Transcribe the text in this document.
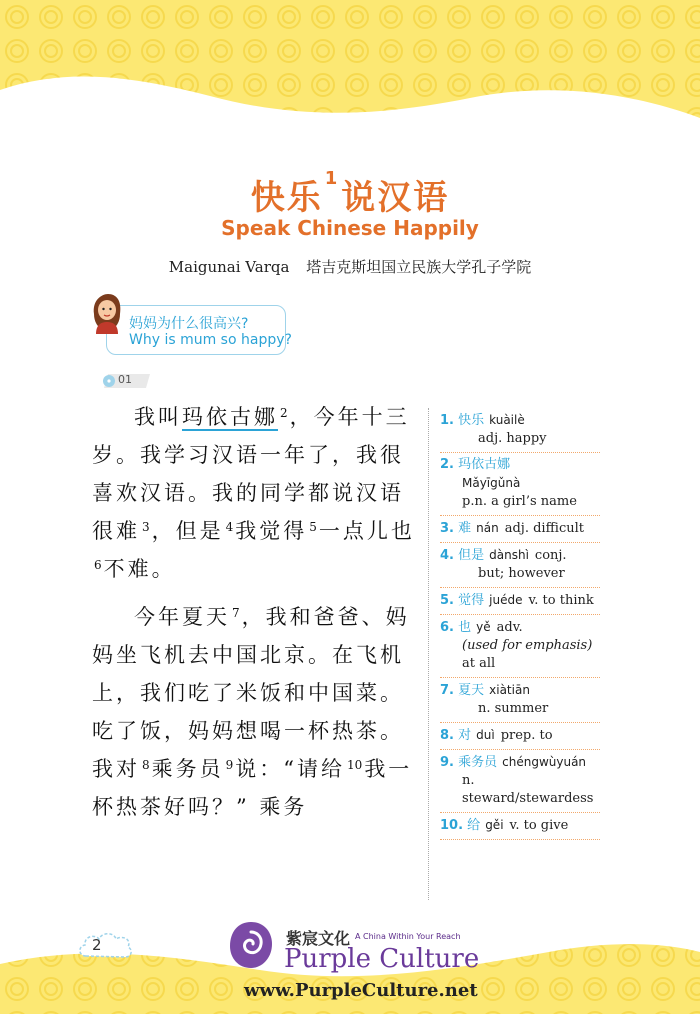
快乐 $^1$说汉语
Speak Chinese Happily
Maigunai Varqa 塔吉克斯坦国立民族大学孔子学院
妈妈为什么很高兴?
Why is mum so happy?
01

我叫玛依古娜 $^2$，今年十三岁。我学习汉语一年了，我很喜欢汉语。我的同学都说汉语很难 $^3$，但是 $^4$我觉得 $^5$一点儿也$^6$不难。

今年夏天 $^7$，我和爸爸、妈妈坐飞机去中国北京。在飞机上，我们吃了米饭和中国菜。吃了饭，妈妈想喝一杯热茶。我对 $^8$乘务员 $^9$说：“请给 $^{10}$我一杯热茶好吗？” 乘务

1. 快乐 kuàilè
adj. happy
2. 玛依古娜
Mǎyīgǔnà
p.n. a girl’s name
3. 难 nán adj. difficult
4. 但是 dànshì conj.
but; however
5. 觉得 juéde v. to think
6. 也 yě adv.
(used for emphasis)
at all
7. 夏天 xiàtiān
n. summer
8. 对 duì prep. to
9. 乘务员 chéngwùyuán
n. steward/stewardess
10. 给 gěi v. to give
2	紫宸文化 A China Within Your Reach
Purple Culture
www.PurpleCulture.net
